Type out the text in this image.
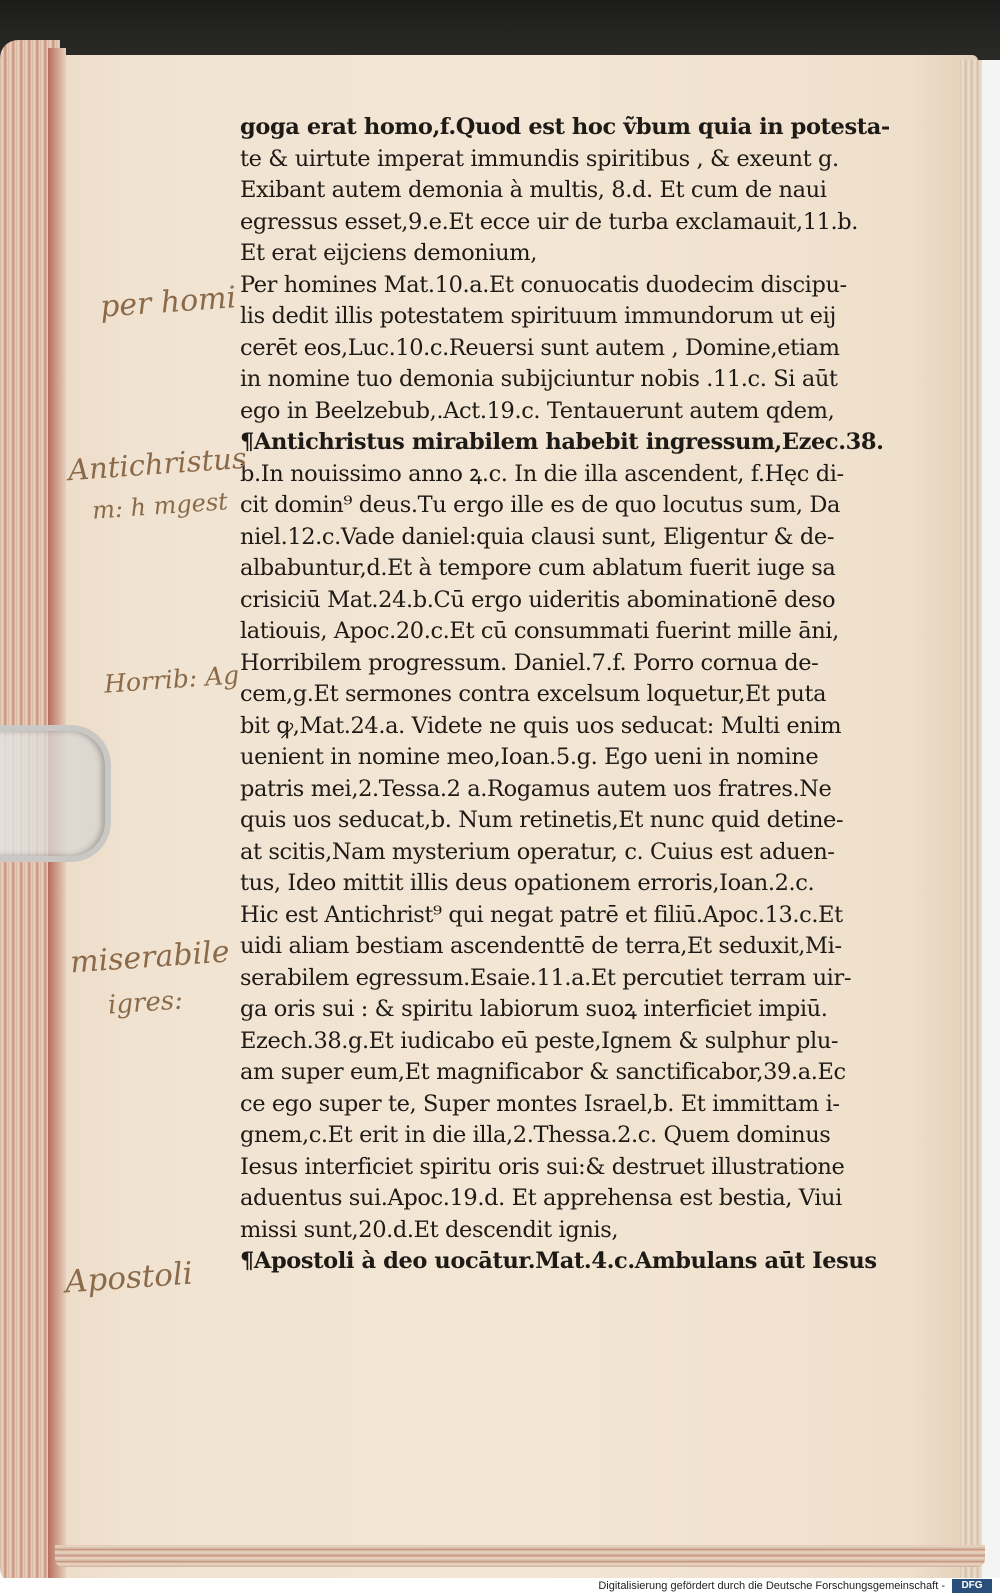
goga erat homo,f.Quod est hoc ṽbum quia in potesta-
te & uirtute imperat immundis spiritibus , & exeunt g.
Exibant autem demonia à multis, 8.d. Et cum de naui
egressus esset,9.e.Et ecce uir de turba exclamauit,11.b.
Et erat eijciens demonium,
Per homines Mat.10.a.Et conuocatis duodecim discipu-
lis dedit illis potestatem spirituum immundorum ut eij
cerēt eos,Luc.10.c.Reuersi sunt autem , Domine,etiam
in nomine tuo demonia subijciuntur nobis .11.c. Si aūt
ego in Beelzebub,.Act.19.c. Tentauerunt autem qdem,
¶Antichristus mirabilem habebit ingressum,Ezec.38.
b.In nouissimo anno ꝝ.c. In die illa ascendent, f.Hęc di-
cit domin⁹ deus.Tu ergo ille es de quo locutus sum, Da
niel.12.c.Vade daniel:quia clausi sunt, Eligentur & de-
albabuntur,d.Et à tempore cum ablatum fuerit iuge sa
crisiciū Mat.24.b.Cū ergo uideritis abominationē deso
latiouis, Apoc.20.c.Et cū consummati fuerint mille āni,
Horribilem progressum. Daniel.7.f. Porro cornua de-
cem,g.Et sermones contra excelsum loquetur,Et puta
bit ꝙ,Mat.24.a. Videte ne quis uos seducat: Multi enim
uenient in nomine meo,Ioan.5.g. Ego ueni in nomine
patris mei,2.Tessa.2 a.Rogamus autem uos fratres.Ne
quis uos seducat,b. Num retinetis,Et nunc quid detine-
at scitis,Nam mysterium operatur, c. Cuius est aduen-
tus, Ideo mittit illis deus opationem erroris,Ioan.2.c.
Hic est Antichrist⁹ qui negat patrē et filiū.Apoc.13.c.Et
uidi aliam bestiam ascendenttē de terra,Et seduxit,Mi-
serabilem egressum.Esaie.11.a.Et percutiet terram uir-
ga oris sui : & spiritu labiorum suoꝝ interficiet impiū.
Ezech.38.g.Et iudicabo eū peste,Ignem & sulphur plu-
am super eum,Et magnificabor & sanctificabor,39.a.Ec
ce ego super te, Super montes Israel,b. Et immittam i-
gnem,c.Et erit in die illa,2.Thessa.2.c. Quem dominus
Iesus interficiet spiritu oris sui:& destruet illustratione
aduentus sui.Apoc.19.d. Et apprehensa est bestia, Viui
missi sunt,20.d.Et descendit ignis,
¶Apostoli à deo uocātur.Mat.4.c.Ambulans aūt Iesus
per homi
Antichristus
m: h mgest
Horrib: Ag
miserabile
igres:
Apostoli
Digitalisierung gefördert durch die Deutsche Forschungsgemeinschaft -	DFG
